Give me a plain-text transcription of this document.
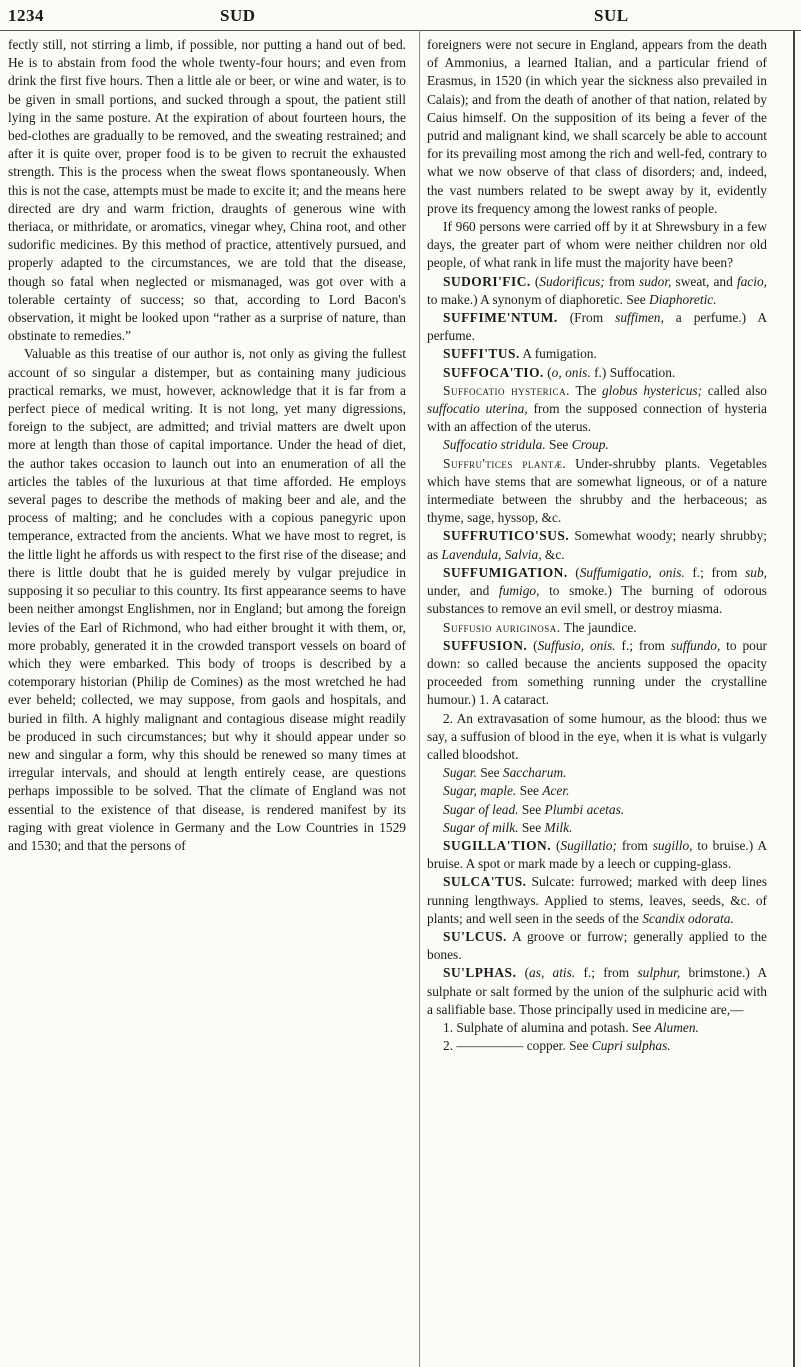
1234	SUD	SUL

fectly still, not stirring a limb, if possible, nor putting a hand out of bed. He is to abstain from food the whole twenty-four hours; and even from drink the first five hours. Then a little ale or beer, or wine and water, is to be given in small portions, and sucked through a spout, the patient still lying in the same posture. At the expiration of about fourteen hours, the bed-clothes are gradually to be removed, and the sweating restrained; and after it is quite over, proper food is to be given to recruit the exhausted strength. This is the process when the sweat flows spontaneously. When this is not the case, attempts must be made to excite it; and the means here directed are dry and warm friction, draughts of generous wine with theriaca, or mithridate, or aromatics, vinegar whey, China root, and other sudorific medicines. By this method of practice, attentively pursued, and properly adapted to the circumstances, we are told that the disease, though so fatal when neglected or mismanaged, was got over with a tolerable certainty of success; so that, according to Lord Bacon's observation, it might be looked upon “rather as a surprise of nature, than obstinate to remedies.”

Valuable as this treatise of our author is, not only as giving the fullest account of so singular a distemper, but as containing many judicious practical remarks, we must, however, acknowledge that it is far from a perfect piece of medical writing. It is not long, yet many digressions, foreign to the subject, are admitted; and trivial matters are dwelt upon more at length than those of capital importance. Under the head of diet, the author takes occasion to launch out into an enumeration of all the articles the tables of the luxurious at that time afforded. He employs several pages to describe the methods of making beer and ale, and the process of malting; and he concludes with a copious panegyric upon temperance, extracted from the ancients. What we have most to regret, is the little light he affords us with respect to the first rise of the disease; and there is little doubt that he is guided merely by vulgar prejudice in supposing it so peculiar to this country. Its first appearance seems to have been neither amongst Englishmen, nor in England; but among the foreign levies of the Earl of Richmond, who had either brought it with them, or, more probably, generated it in the crowded transport vessels on board of which they were embarked. This body of troops is described by a cotemporary historian (Philip de Comines) as the most wretched he had ever beheld; collected, we may suppose, from gaols and hospitals, and buried in filth. A highly malignant and contagious disease might readily be produced in such circumstances; but why it should appear under so new and singular a form, why this should be renewed so many times at irregular intervals, and should at length entirely cease, are questions perhaps impossible to be solved. That the climate of England was not essential to the existence of that disease, is rendered manifest by its raging with great violence in Germany and the Low Countries in 1529 and 1530; and that the persons of

foreigners were not secure in England, appears from the death of Ammonius, a learned Italian, and a particular friend of Erasmus, in 1520 (in which year the sickness also prevailed in Calais); and from the death of another of that nation, related by Caius himself. On the supposition of its being a fever of the putrid and malignant kind, we shall scarcely be able to account for its prevailing most among the rich and well-fed, contrary to what we now observe of that class of disorders; and, indeed, the vast numbers related to be swept away by it, evidently prove its frequency among the lowest ranks of people.

If 960 persons were carried off by it at Shrewsbury in a few days, the greater part of whom were neither children nor old people, of what rank in life must the majority have been?

SUDORI'FIC. (Sudorificus; from sudor, sweat, and facio, to make.) A synonym of diaphoretic. See Diaphoretic.

SUFFIME'NTUM. (From suffimen, a perfume.) A perfume.

SUFFI'TUS. A fumigation.

SUFFOCA'TIO. (o, onis. f.) Suffocation.

Suffocatio hysterica. The globus hystericus; called also suffocatio uterina, from the supposed connection of hysteria with an affection of the uterus.

Suffocatio stridula. See Croup.

Suffru'tices plantæ. Under-shrubby plants. Vegetables which have stems that are somewhat ligneous, or of a nature intermediate between the shrubby and the herbaceous; as thyme, sage, hyssop, &c.

SUFFRUTICO'SUS. Somewhat woody; nearly shrubby; as Lavendula, Salvia, &c.

SUFFUMIGATION. (Suffumigatio, onis. f.; from sub, under, and fumigo, to smoke.) The burning of odorous substances to remove an evil smell, or destroy miasma.

Suffusio auriginosa. The jaundice.

SUFFUSION. (Suffusio, onis. f.; from suffundo, to pour down: so called because the ancients supposed the opacity proceeded from something running under the crystalline humour.) 1. A cataract.

2. An extravasation of some humour, as the blood: thus we say, a suffusion of blood in the eye, when it is what is vulgarly called bloodshot.

Sugar. See Saccharum.

Sugar, maple. See Acer.

Sugar of lead. See Plumbi acetas.

Sugar of milk. See Milk.

SUGILLA'TION. (Sugillatio; from sugillo, to bruise.) A bruise. A spot or mark made by a leech or cupping-glass.

SULCA'TUS. Sulcate: furrowed; marked with deep lines running lengthways. Applied to stems, leaves, seeds, &c. of plants; and well seen in the seeds of the Scandix odorata.

SU'LCUS. A groove or furrow; generally applied to the bones.

SU'LPHAS. (as, atis. f.; from sulphur, brimstone.) A sulphate or salt formed by the union of the sulphuric acid with a salifiable base. Those principally used in medicine are,—

1. Sulphate of alumina and potash. See Alumen.

2. ————— copper. See Cupri sulphas.
